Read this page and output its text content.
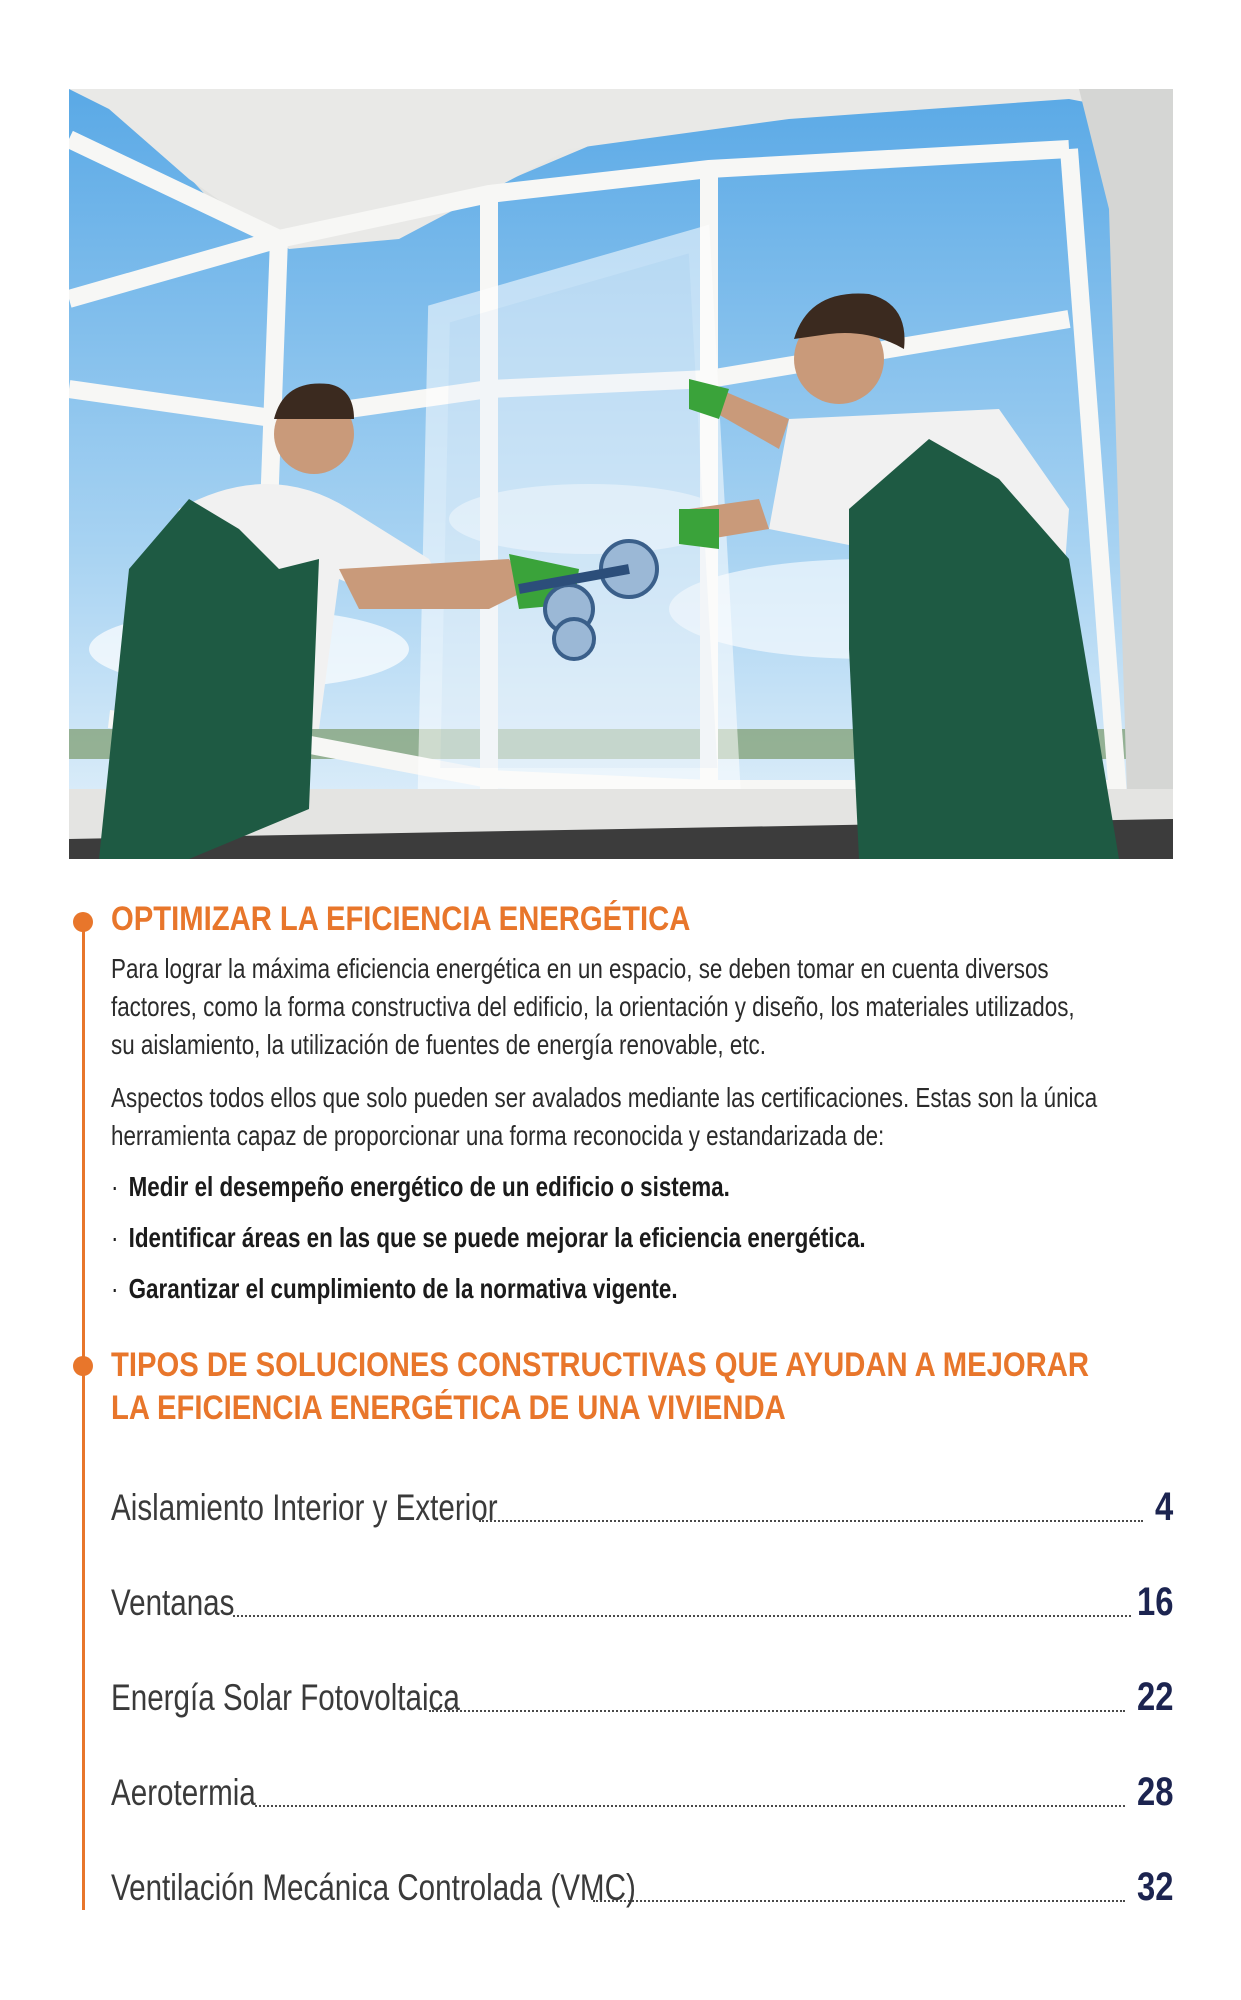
OPTIMIZAR LA EFICIENCIA ENERGÉTICA

Para lograr la máxima eficiencia energética en un espacio, se deben tomar en cuenta diversos

factores, como la forma constructiva del edificio, la orientación y diseño, los materiales utilizados,

su aislamiento, la utilización de fuentes de energía renovable, etc.

Aspectos todos ellos que solo pueden ser avalados mediante las certificaciones. Estas son la única

herramienta capaz de proporcionar una forma reconocida y estandarizada de:

· Medir el desempeño energético de un edificio o sistema.

· Identificar áreas en las que se puede mejorar la eficiencia energética.

· Garantizar el cumplimiento de la normativa vigente.

TIPOS DE SOLUCIONES CONSTRUCTIVAS QUE AYUDAN A MEJORAR

LA EFICIENCIA ENERGÉTICA DE UNA VIVIENDA

Aislamiento Interior y Exterior	4
Ventanas	16
Energía Solar Fotovoltaica	22
Aerotermia	28
Ventilación Mecánica Controlada (VMC)	32
